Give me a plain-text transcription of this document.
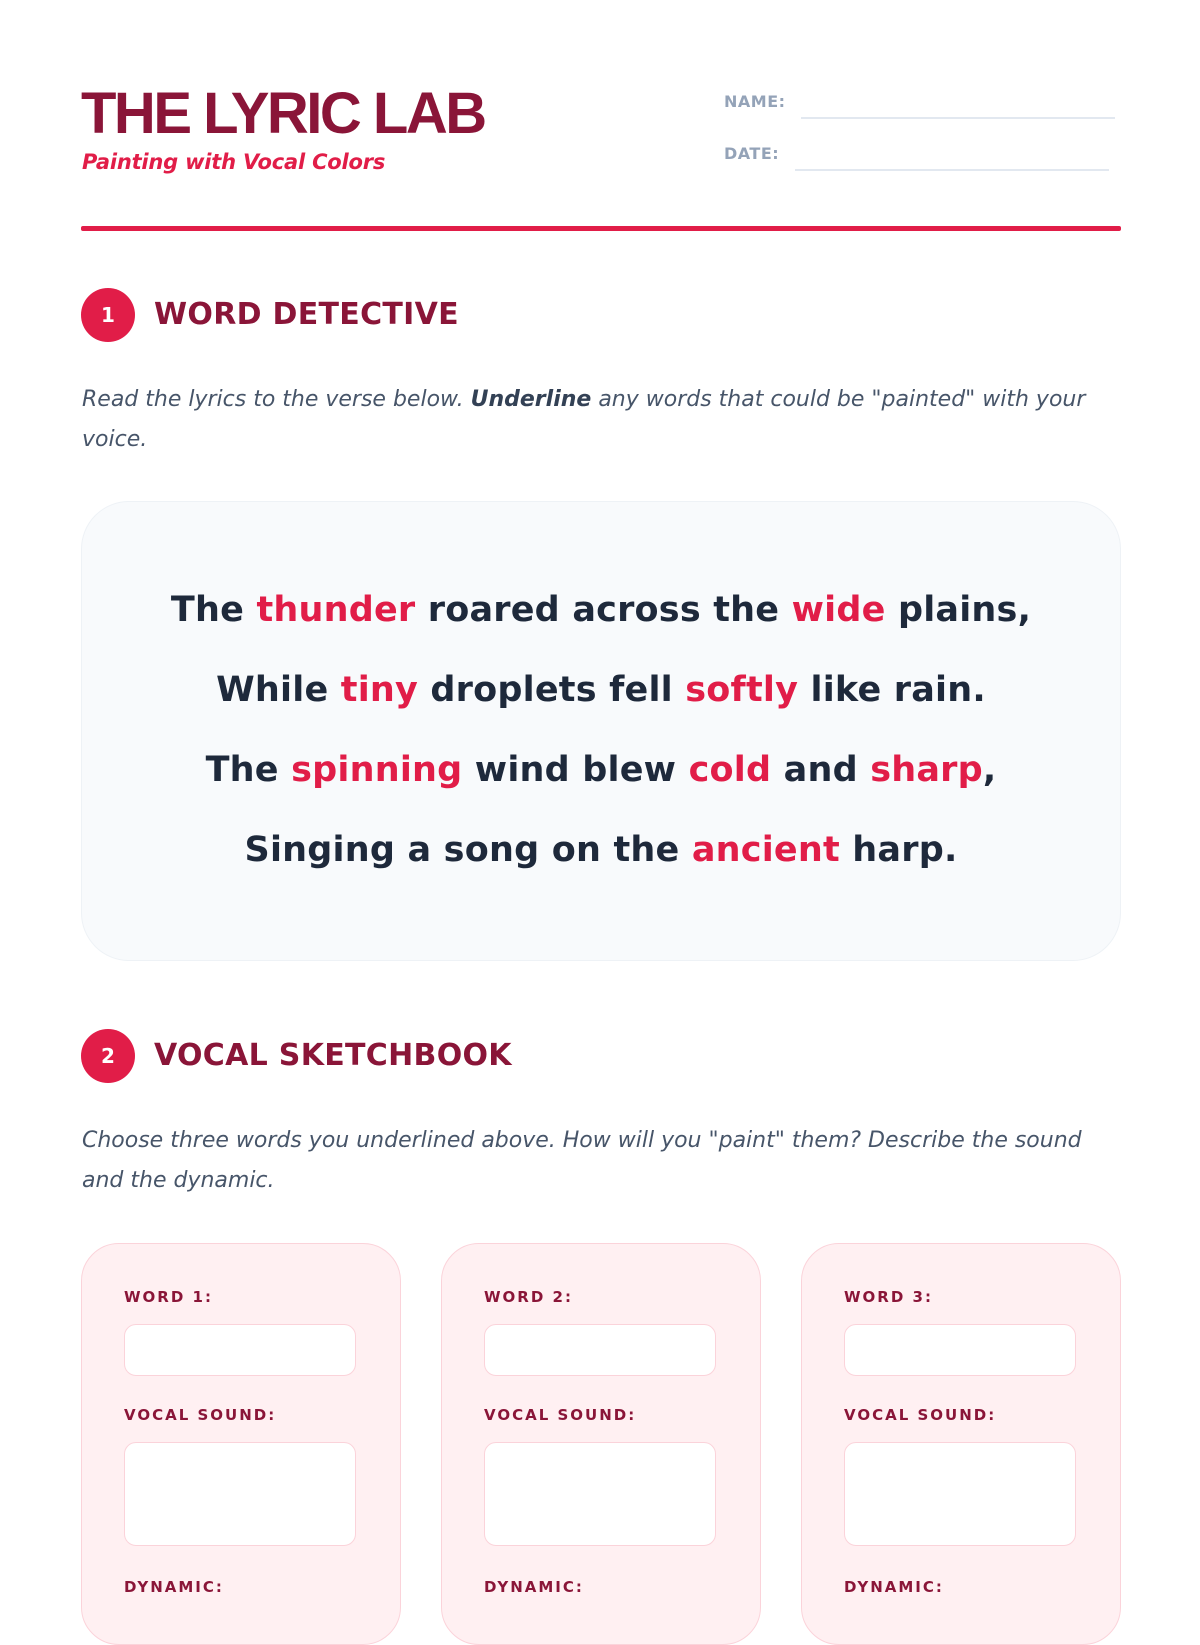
THE LYRIC LAB

Painting with Vocal Colors

NAME:
DATE:
1	WORD DETECTIVE

Read the lyrics to the verse below. Underline any words that could be "painted" with your voice.

The thunder roared across the wide plains,

While tiny droplets fell softly like rain.

The spinning wind blew cold and sharp,

Singing a song on the ancient harp.

2	VOCAL SKETCHBOOK

Choose three words you underlined above. How will you "paint" them? Describe the sound and the dynamic.

WORD 1:
VOCAL SOUND:
DYNAMIC:
WORD 2:
VOCAL SOUND:
DYNAMIC:
WORD 3:
VOCAL SOUND:
DYNAMIC:
